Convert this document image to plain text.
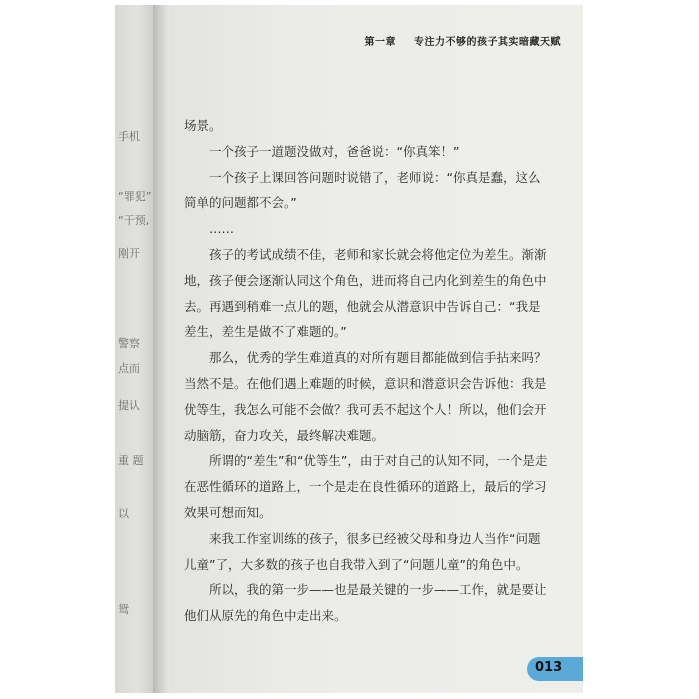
手机
“罪犯”
“干预,
刚开
警察
点而
提认
重 题
以
鸳
第一章 专注力不够的孩子其实暗藏天赋

场景。

一个孩子一道题没做对，爸爸说：“你真笨！”

一个孩子上课回答问题时说错了，老师说：“你真是蠢，这么简单的问题都不会。”

……

孩子的考试成绩不佳，老师和家长就会将他定位为差生。渐渐地，孩子便会逐渐认同这个角色，进而将自己内化到差生的角色中去。再遇到稍难一点儿的题，他就会从潜意识中告诉自己：“我是差生，差生是做不了难题的。”

那么，优秀的学生难道真的对所有题目都能做到信手拈来吗？当然不是。在他们遇上难题的时候，意识和潜意识会告诉他：我是优等生，我怎么可能不会做？我可丢不起这个人！所以，他们会开动脑筋，奋力攻关，最终解决难题。

所谓的“差生”和“优等生”，由于对自己的认知不同，一个是走在恶性循环的道路上，一个是走在良性循环的道路上，最后的学习效果可想而知。

来我工作室训练的孩子，很多已经被父母和身边人当作“问题儿童”了，大多数的孩子也自我带入到了“问题儿童”的角色中。

所以，我的第一步——也是最关键的一步——工作，就是要让他们从原先的角色中走出来。

013
